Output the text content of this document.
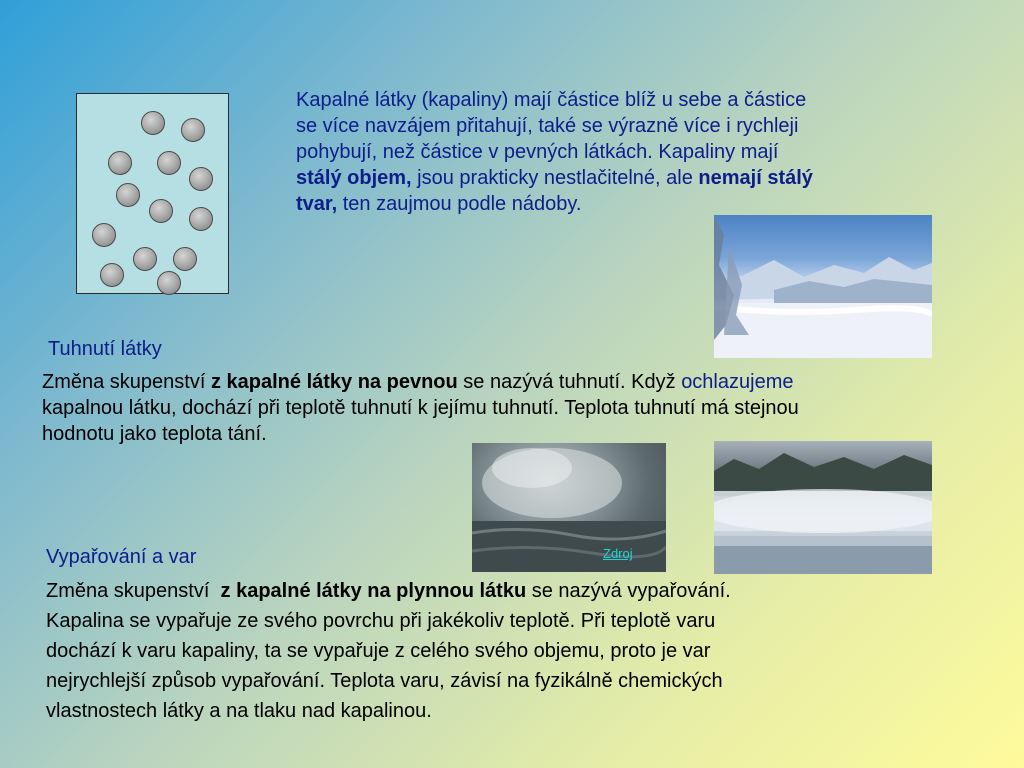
Kapalné látky (kapaliny) mají částice blíž u sebe a částice
se více navzájem přitahují, také se výrazně více i rychleji
pohybují, než částice v pevných látkách. Kapaliny mají
stálý objem, jsou prakticky nestlačitelné, ale nemají stálý
tvar, ten zaujmou podle nádoby.
Tuhnutí látky
Změna skupenství z kapalné látky na pevnou se nazývá tuhnutí. Když ochlazujeme
kapalnou látku, dochází při teplotě tuhnutí k jejímu tuhnutí. Teplota tuhnutí má stejnou
hodnotu jako teplota tání.
Zdroj
Vypařování a var
Změna skupenství  z kapalné látky na plynnou látku se nazývá vypařování.
Kapalina se vypařuje ze svého povrchu při jakékoliv teplotě. Při teplotě varu
dochází k varu kapaliny, ta se vypařuje z celého svého objemu, proto je var
nejrychlejší způsob vypařování. Teplota varu, závisí na fyzikálně chemických
vlastnostech látky a na tlaku nad kapalinou.
